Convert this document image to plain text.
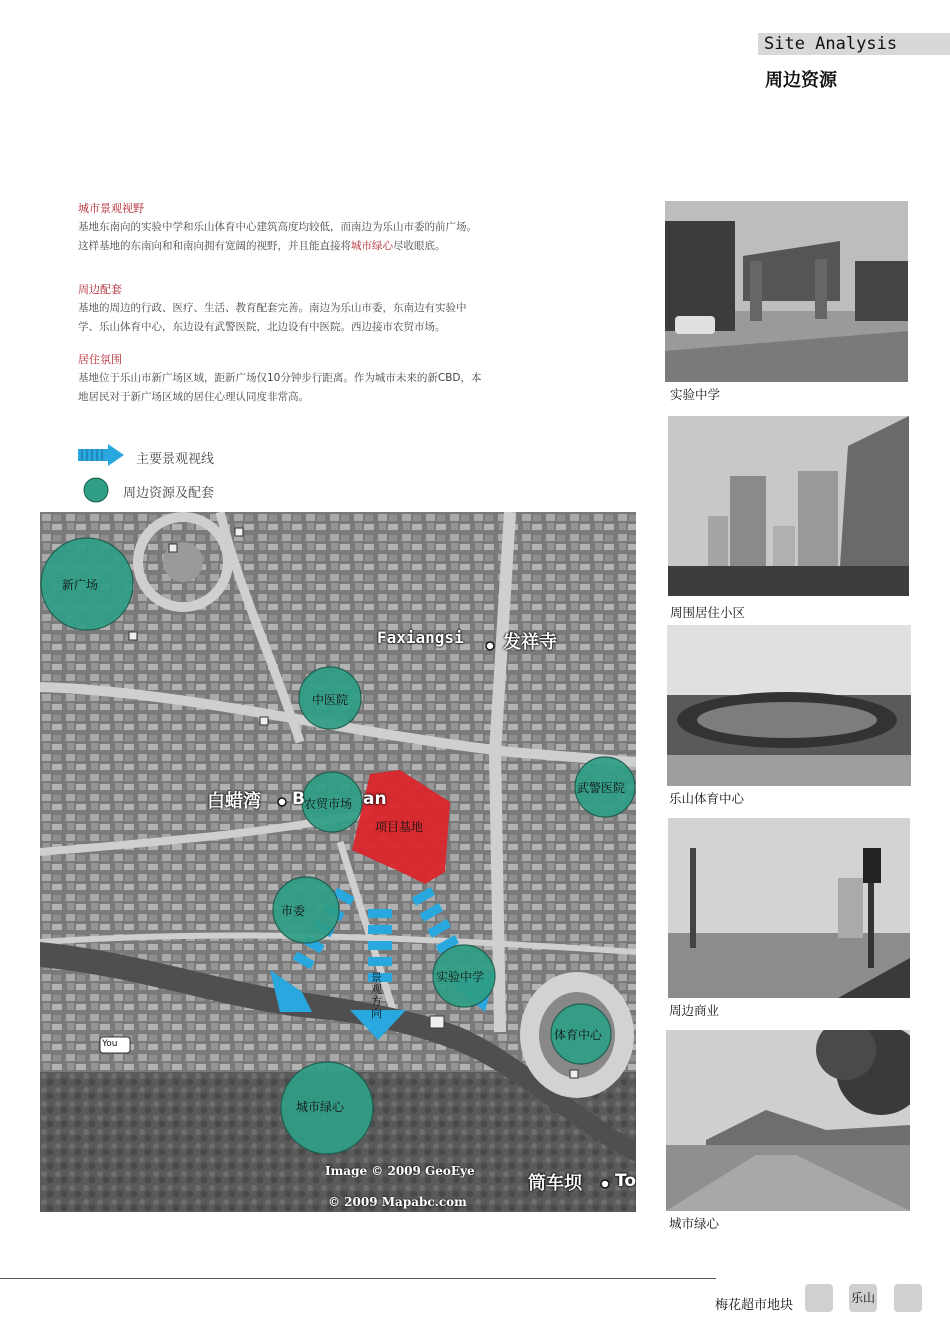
Site Analysis
周边资源
城市景观视野
基地东南向的实验中学和乐山体育中心建筑高度均较低，而南边为乐山市委的前广场。
这样基地的东南向和和南向拥有宽阔的视野，并且能直接将城市绿心尽收眼底。
周边配套
基地的周边的行政、医疗、生活、教育配套完善。南边为乐山市委，东南边有实验中
学、乐山体育中心，东边设有武警医院，北边设有中医院。西边接市农贸市场。
居住氛围
基地位于乐山市新广场区域，距新广场仅10分钟步行距离。作为城市未来的新CBD，本
地居民对于新广场区域的居住心理认同度非常高。
主要景观视线
周边资源及配套
新广场
中医院
农贸市场
武警医院
市委
实验中学
体育中心
城市绿心
项目基地
景观方向
Faxiangsi 发祥寺
白蜡湾 B	an
筒车坝 To
Image © 2009 GeoEye
© 2009 Mapabc.com
You
实验中学
周围居住小区
乐山体育中心
周边商业
城市绿心
梅花超市地块	乐山
